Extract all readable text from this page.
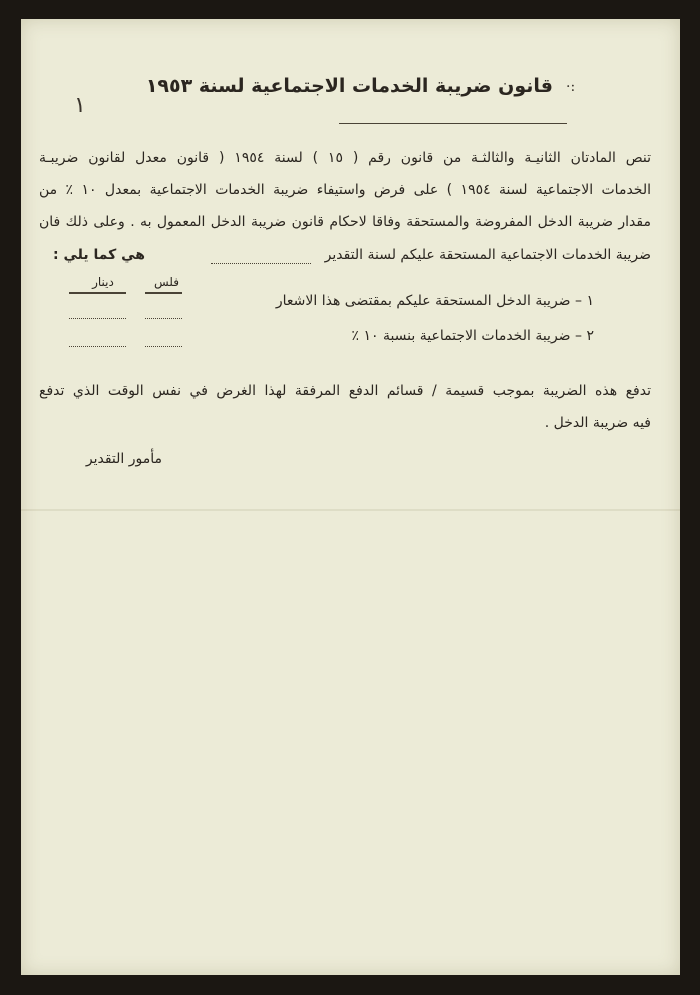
١
·:
قانون ضريبة الخدمات الاجتماعية لسنة ١٩٥٣
تنص المادتان الثانيـة والثالثـة من قانون رقم ( ١٥ ) لسنة ١٩٥٤ ( قانون معدل لقانون ضريبـة
الخدمات الاجتماعية لسنة ١٩٥٤ ) على فرض واستيفاء ضريبة الخدمات الاجتماعية بمعدل ١٠ ٪ من
مقدار ضريبة الدخل المفروضة والمستحقة وفاقا لاحكام قانون ضريبة الدخل المعمول به . وعلى ذلك فان
ضريبة الخدمات الاجتماعية المستحقة عليكم لسنة التقدير
هي كما يلي :
فلس
دينار
١ – ضريبة الدخل المستحقة عليكم بمقتضى هذا الاشعار
٢ – ضريبة الخدمات الاجتماعية بنسبة ١٠ ٪
تدفع هذه الضريبة بموجب قسيمة / قسائم الدفع المرفقة لهذا الغرض في نفس الوقت الذي تدفع
فيه ضريبة الدخل .
مأمور التقدير
